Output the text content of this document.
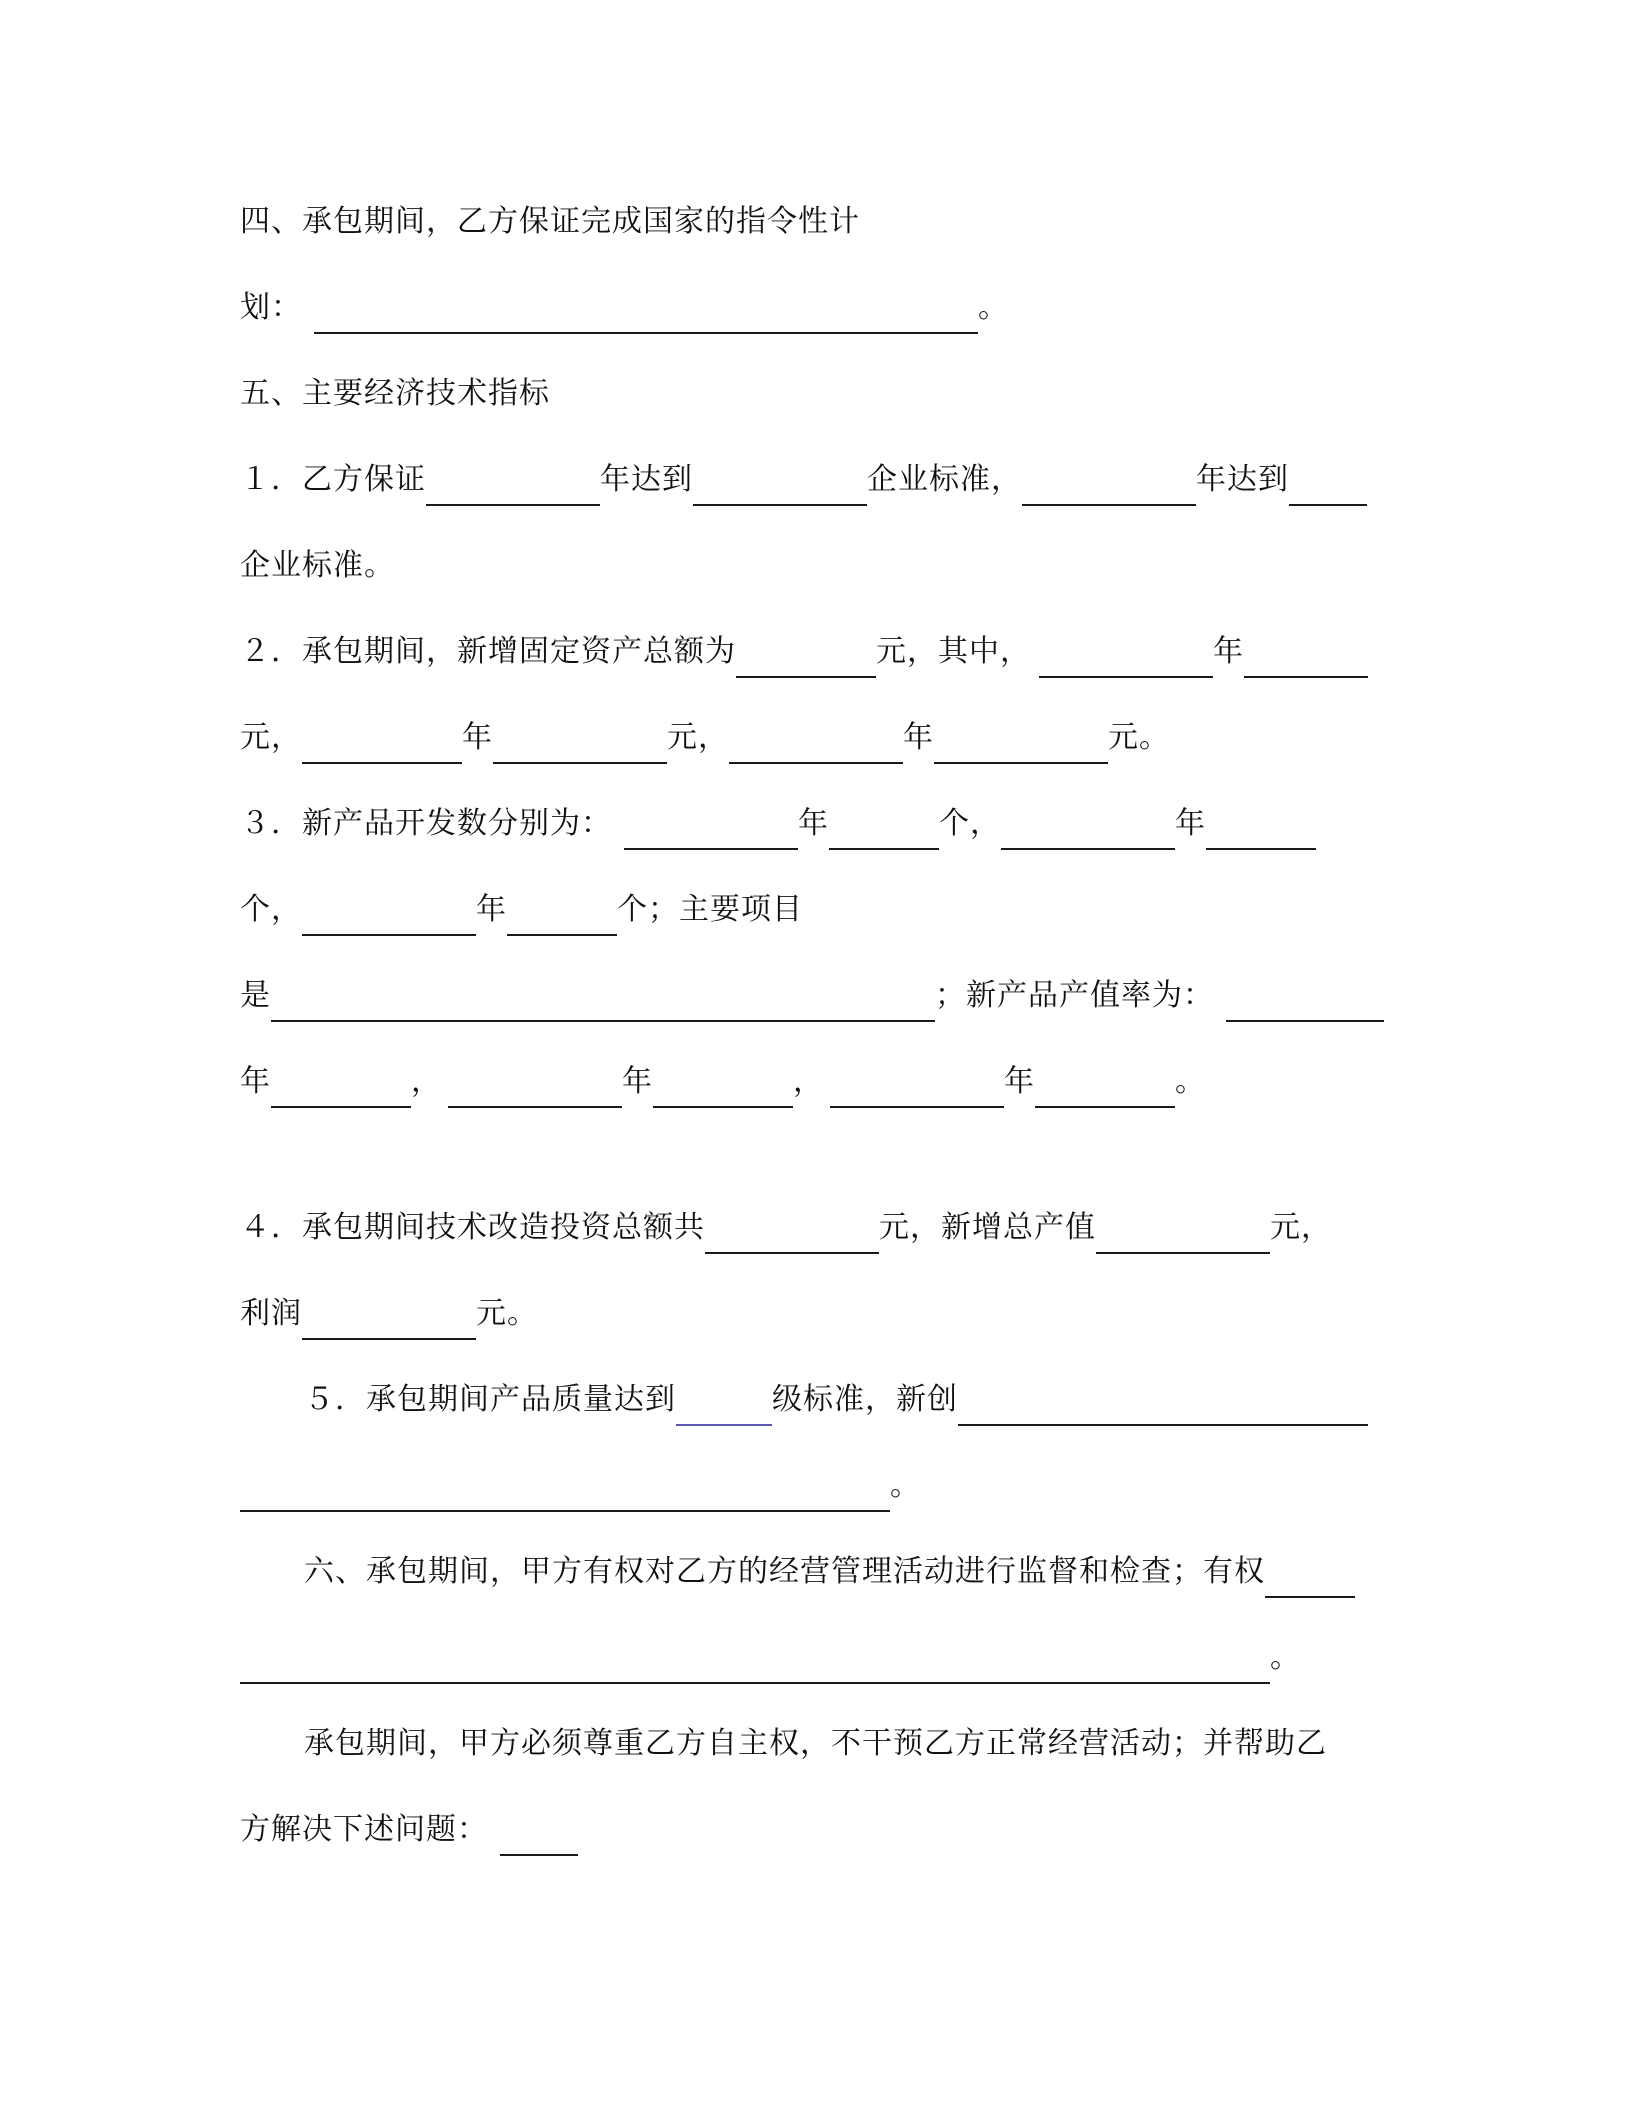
四、承包期间，乙方保证完成国家的指令性计
划：	。
五、主要经济技术指标
１．乙方保证	年达到	企业标准，	年达到
企业标准。
２．承包期间，新增固定资产总额为	元，其中，	年
元，	年	元，	年	元。
３．新产品开发数分别为：	年	个，	年
个，	年	个；主要项目
是	；新产品产值率为：
年	，	年	，	年	。
４．承包期间技术改造投资总额共	元，新增总产值	元，
利润	元。
５．承包期间产品质量达到	级标准，新创
。
六、承包期间，甲方有权对乙方的经营管理活动进行监督和检查；有权
。
承包期间，甲方必须尊重乙方自主权，不干预乙方正常经营活动；并帮助乙
方解决下述问题：
